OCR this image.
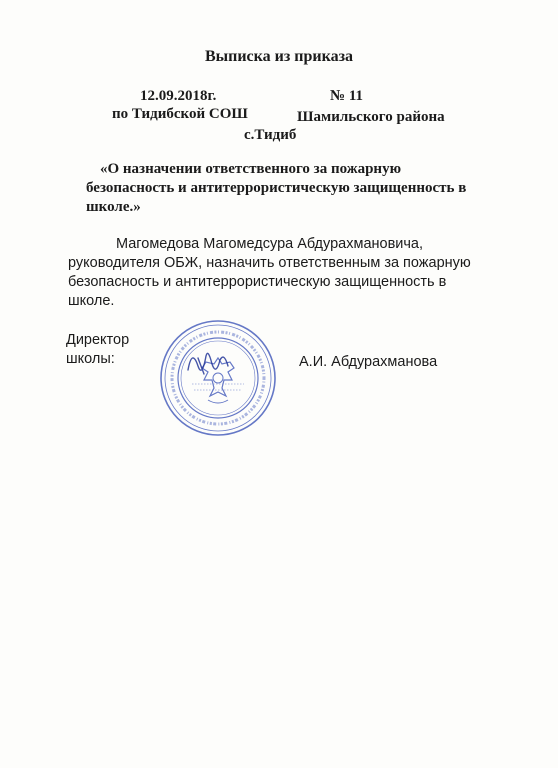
Выписка из приказа
12.09.2018г.	№ 11
по Тидибской СОШ	Шамильского района
с.Тидиб
«О назначении ответственного за пожарную
безопасность и антитеррористическую защищенность в
школе.»
Магомедова Магомедсура Абдурахмановича,
руководителя ОБЖ, назначить ответственным за пожарную
безопасность и антитеррористическую защищенность в
школе.
Директор
школы:	А.И. Абдурахманова
